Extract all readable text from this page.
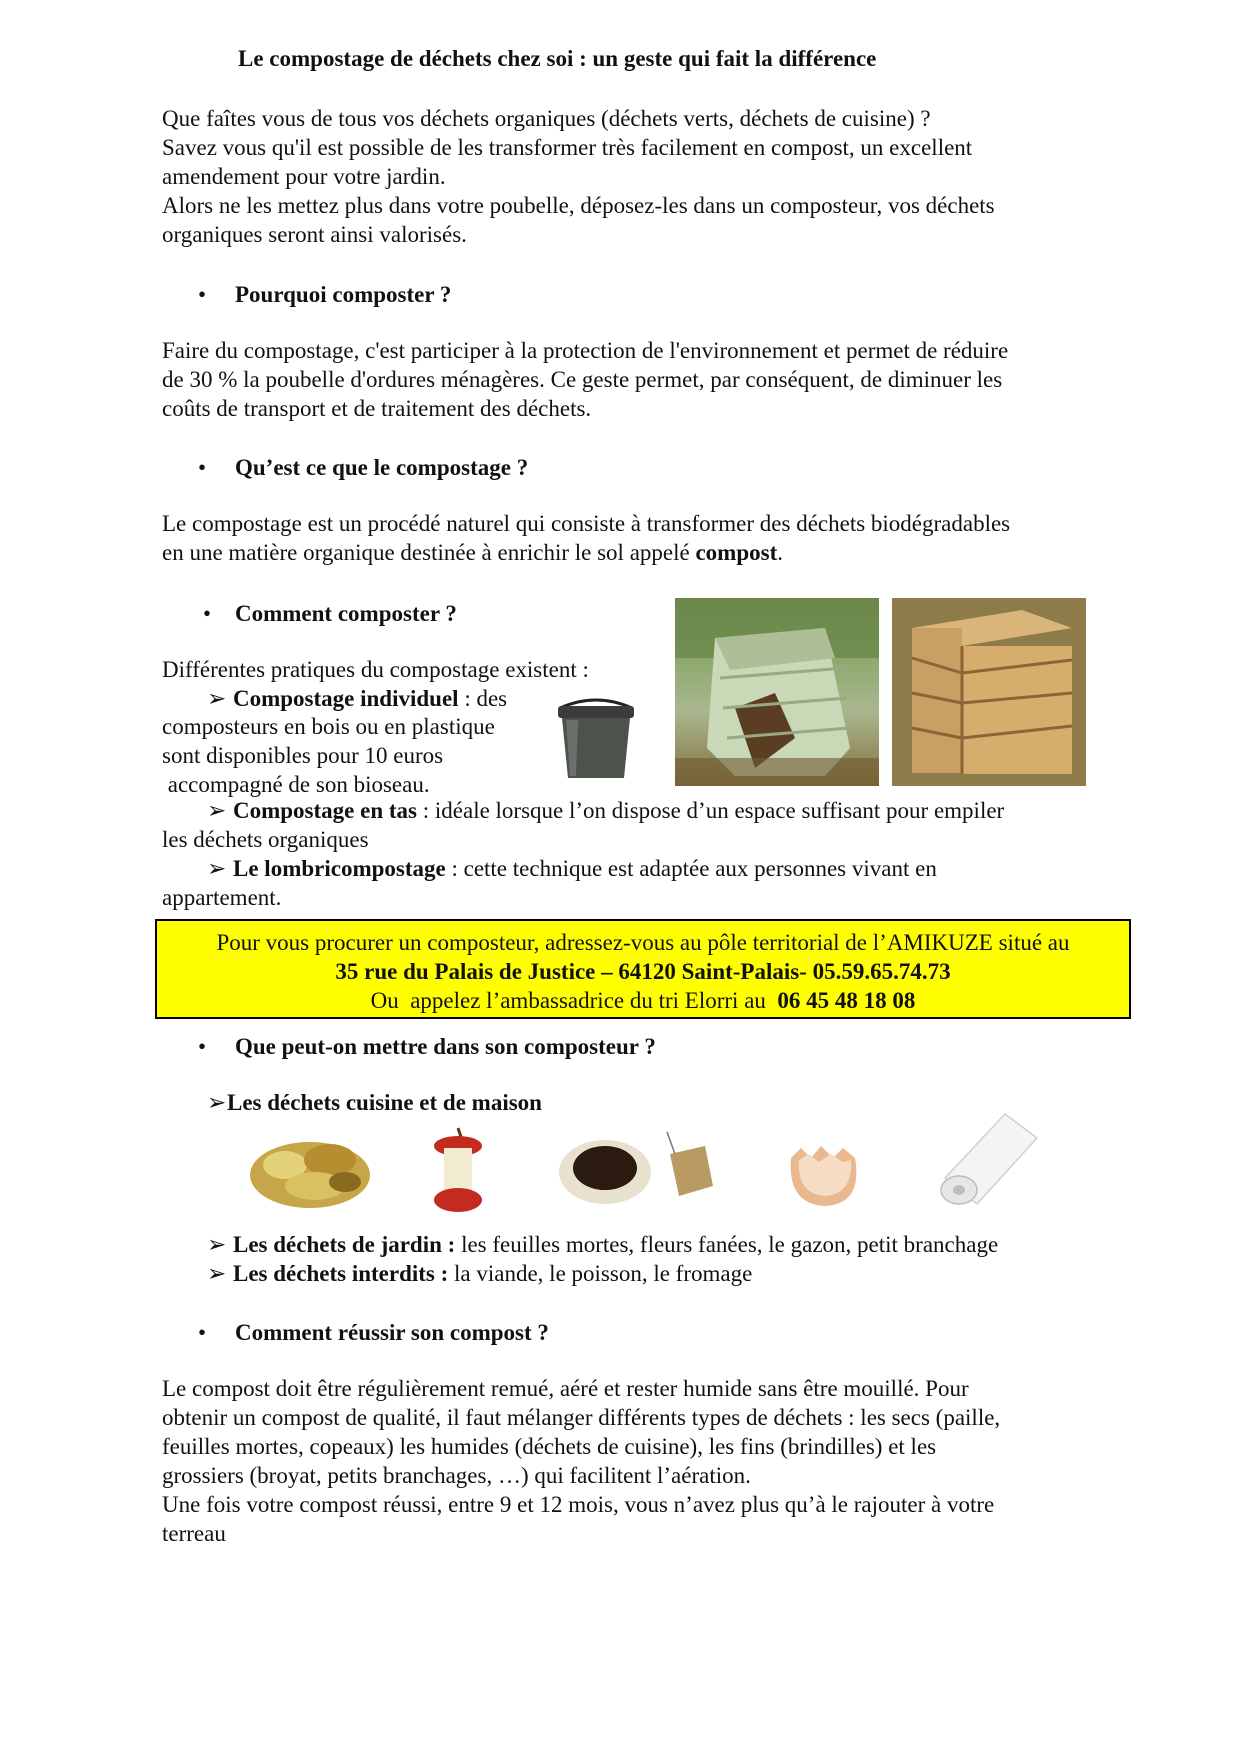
Le compostage de déchets chez soi : un geste qui fait la différence
Que faîtes vous de tous vos déchets organiques (déchets verts, déchets de cuisine) ?
Savez vous qu'il est possible de les transformer très facilement en compost, un excellent
amendement pour votre jardin.
Alors ne les mettez plus dans votre poubelle, déposez-les dans un composteur, vos déchets
organiques seront ainsi valorisés.
• Pourquoi composter ?
Faire du compostage, c'est participer à la protection de l'environnement et permet de réduire
de 30 % la poubelle d'ordures ménagères. Ce geste permet, par conséquent, de diminuer les
coûts de transport et de traitement des déchets.
• Qu’est ce que le compostage ?
Le compostage est un procédé naturel qui consiste à transformer des déchets biodégradables
en une matière organique destinée à enrichir le sol appelé compost.
• Comment composter ?
Différentes pratiques du compostage existent :
➢ Compostage individuel : des
composteurs en bois ou en plastique
sont disponibles pour 10 euros
accompagné de son bioseau.
➢ Compostage en tas : idéale lorsque l’on dispose d’un espace suffisant pour empiler
les déchets organiques
➢ Le lombricompostage : cette technique est adaptée aux personnes vivant en
appartement.
Pour vous procurer un composteur, adressez-vous au pôle territorial de l’AMIKUZE situé au
35 rue du Palais de Justice – 64120 Saint-Palais- 05.59.65.74.73
Ou  appelez l’ambassadrice du tri Elorri au  06 45 48 18 08
• Que peut-on mettre dans son composteur ?
➢Les déchets cuisine et de maison
➢ Les déchets de jardin : les feuilles mortes, fleurs fanées, le gazon, petit branchage
➢ Les déchets interdits : la viande, le poisson, le fromage
• Comment réussir son compost ?
Le compost doit être régulièrement remué, aéré et rester humide sans être mouillé. Pour
obtenir un compost de qualité, il faut mélanger différents types de déchets : les secs (paille,
feuilles mortes, copeaux) les humides (déchets de cuisine), les fins (brindilles) et les
grossiers (broyat, petits branchages, …) qui facilitent l’aération.
Une fois votre compost réussi, entre 9 et 12 mois, vous n’avez plus qu’à le rajouter à votre
terreau
